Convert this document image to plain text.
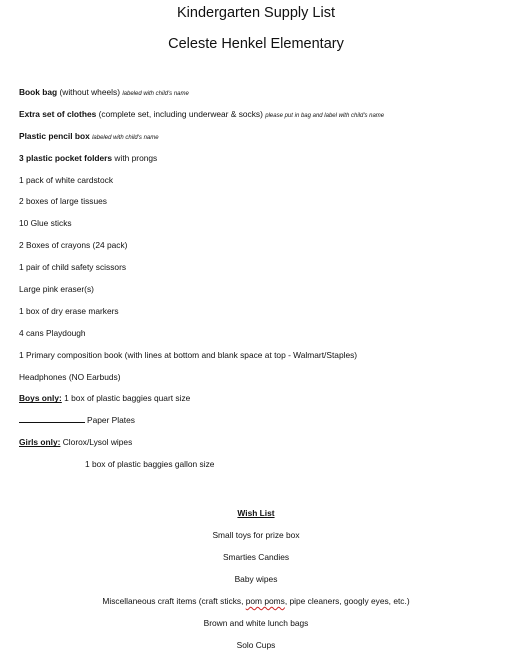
Kindergarten Supply List
Celeste Henkel Elementary
Book bag (without wheels) labeled with child's name
Extra set of clothes (complete set, including underwear & socks) please put in bag and label with child's name
Plastic pencil box labeled with child's name
3 plastic pocket folders with prongs
1 pack of white cardstock
2 boxes of large tissues
10 Glue sticks
2 Boxes of crayons (24 pack)
1 pair of child safety scissors
Large pink eraser(s)
1 box of dry erase markers
4 cans Playdough
1 Primary composition book (with lines at bottom and blank space at top - Walmart/Staples)
Headphones (NO Earbuds)
Boys only: 1 box of plastic baggies quart size
Paper Plates
Girls only: Clorox/Lysol wipes
1 box of plastic baggies gallon size
Wish List
Small toys for prize box
Smarties Candies
Baby wipes
Miscellaneous craft items (craft sticks, pom poms, pipe cleaners, googly eyes, etc.)
Brown and white lunch bags
Solo Cups
